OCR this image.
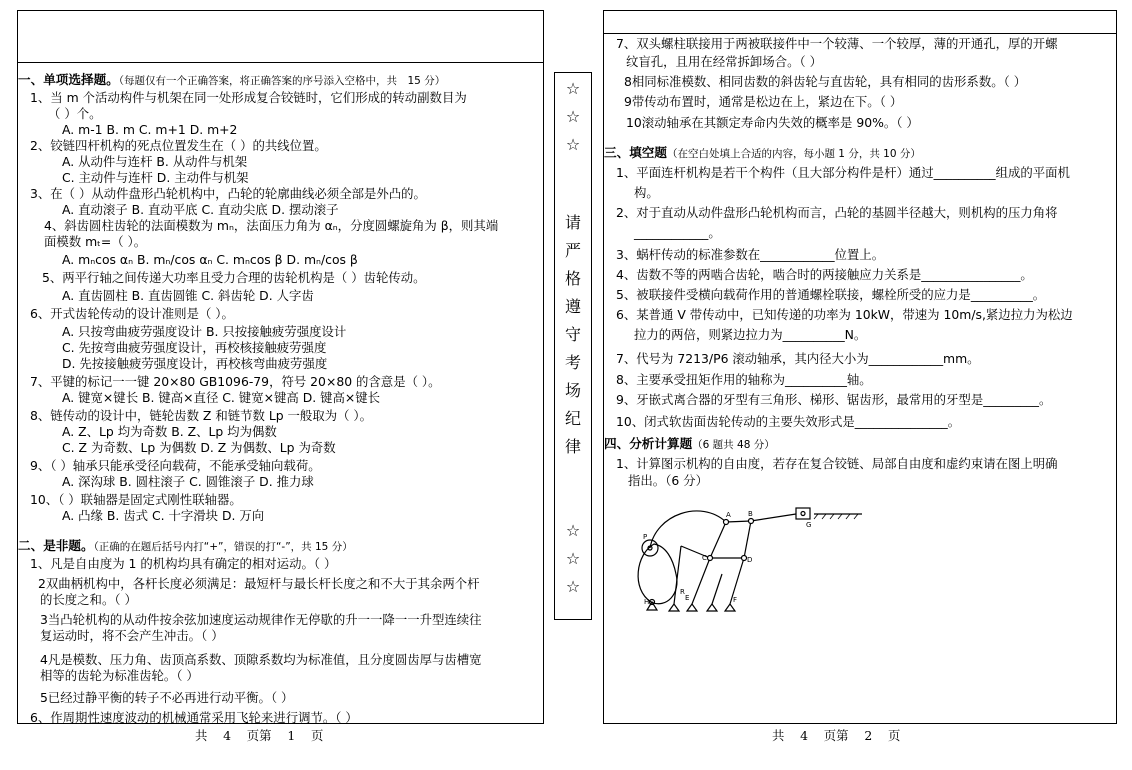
一、单项选择题。（每题仅有一个正确答案，将正确答案的序号添入空格中，共　15 分）
1、当 m 个活动构件与机架在同一处形成复合铰链时，它们形成的转动副数目为
（ ）个。
A. m-1 B. m C. m+1 D. m+2
2、铰链四杆机构的死点位置发生在（ ）的共线位置。
A. 从动件与连杆 B. 从动件与机架
C. 主动件与连杆 D. 主动件与机架
3、在（ ）从动件盘形凸轮机构中，凸轮的轮廓曲线必须全部是外凸的。
A. 直动滚子 B. 直动平底 C. 直动尖底 D. 摆动滚子
4、斜齿圆柱齿轮的法面模数为 mₙ，法面压力角为 αₙ，分度圆螺旋角为 β，则其端
面模数 mₜ=（ ）。
A. mₙcos αₙ B. mₙ/cos αₙ C. mₙcos β D. mₙ/cos β
5、两平行轴之间传递大功率且受力合理的齿轮机构是（ ）齿轮传动。
A. 直齿圆柱 B. 直齿圆锥 C. 斜齿轮 D. 人字齿
6、开式齿轮传动的设计准则是（ ）。
A. 只按弯曲疲劳强度设计 B. 只按接触疲劳强度设计
C. 先按弯曲疲劳强度设计，再校核接触疲劳强度
D. 先按接触疲劳强度设计，再校核弯曲疲劳强度
7、平键的标记一一键 20×80 GB1096-79，符号 20×80 的含意是（ ）。
A. 键宽×键长 B. 键高×直径 C. 键宽×键高 D. 键高×键长
8、链传动的设计中，链轮齿数 Z 和链节数 Lp 一般取为（ ）。
A. Z、Lp 均为奇数 B. Z、Lp 均为偶数
C. Z 为奇数、Lp 为偶数 D. Z 为偶数、Lp 为奇数
9、（ ）轴承只能承受径向载荷，不能承受轴向载荷。
A. 深沟球 B. 圆柱滚子 C. 圆锥滚子 D. 推力球
10、（ ）联轴器是固定式刚性联轴器。
A. 凸缘 B. 齿式 C. 十字滑块 D. 万向
二、是非题。（正确的在题后括号内打“+”，错误的打“-”，共 15 分）
1、凡是自由度为 1 的机构均具有确定的相对运动。（ ）
2双曲柄机构中，各杆长度必须满足：最短杆与最长杆长度之和不大于其余两个杆
的长度之和。（ ）
3当凸轮机构的从动件按余弦加速度运动规律作无停歇的升一一降一一升型连续往
复运动时，将不会产生冲击。（ ）
4凡是模数、压力角、齿顶高系数、顶隙系数均为标准值，且分度圆齿厚与齿槽宽
相等的齿轮为标准齿轮。（ ）
5已经过静平衡的转子不必再进行动平衡。（ ）
6、作周期性速度波动的机械通常采用飞轮来进行调节。（ ）
☆
☆
☆
请
严
格
遵
守
考
场
纪
律
☆
☆
☆
7、双头螺柱联接用于两被联接件中一个较薄、一个较厚，薄的开通孔，厚的开螺
纹盲孔，且用在经常拆卸场合。（ ）
8相同标准模数、相同齿数的斜齿轮与直齿轮，具有相同的齿形系数。（ ）
9带传动布置时，通常是松边在上，紧边在下。（ ）
10滚动轴承在其额定寿命内失效的概率是 90%。（ ）
三、填空题（在空白处填上合适的内容，每小题 1 分，共 10 分）
1、平面连杆机构是若干个构件（且大部分构件是杆）通过__________组成的平面机
构。
2、对于直动从动件盘形凸轮机构而言，凸轮的基圆半径越大，则机构的压力角将
____________。
3、蜗杆传动的标准参数在____________位置上。
4、齿数不等的两啮合齿轮，啮合时的两接触应力关系是________________。
5、被联接件受横向载荷作用的普通螺栓联接，螺栓所受的应力是__________。
6、某普通 V 带传动中，已知传递的功率为 10kW，带速为 10m/s,紧边拉力为松边
拉力的两倍，则紧边拉力为__________N。
7、代号为 7213/P6 滚动轴承，其内径大小为____________mm。
8、主要承受扭矩作用的轴称为__________轴。
9、牙嵌式离合器的牙型有三角形、梯形、锯齿形，最常用的牙型是_________。
10、闭式软齿面齿轮传动的主要失效形式是_______________。
四、分析计算题（6 题共 48 分）
1、计算图示机构的自由度，若存在复合铰链、局部自由度和虚约束请在图上明确
指出。（6 分）
A B
C	D
E	F
G
H
P
R
共    4    页第    1    页	共    4    页第    2    页
